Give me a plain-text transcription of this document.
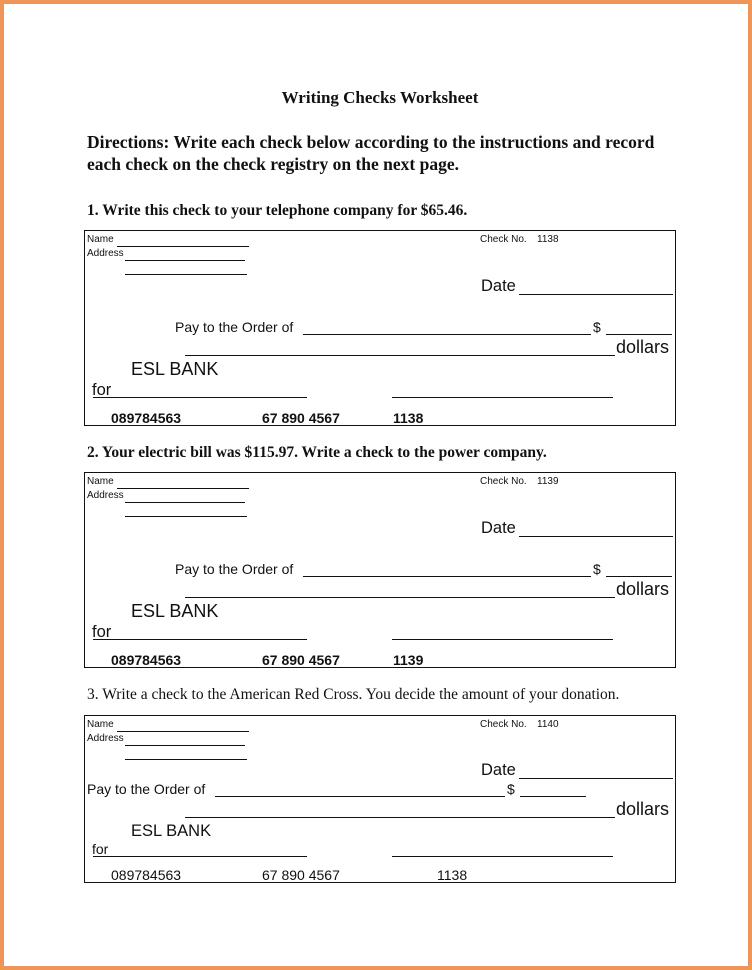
Writing Checks Worksheet
Directions: Write each check below according to the instructions and record each check on the check registry on the next page.
1. Write this check to your telephone company for $65.46.
Name
Address
Check No. 1138
Date
Pay to the Order of	$
dollars
ESL BANK
for
089784563	67 890 4567	1138
2. Your electric bill was $115.97. Write a check to the power company.
Name
Address
Check No. 1139
Date
Pay to the Order of	$
dollars
ESL BANK
for
089784563	67 890 4567	1139
3. Write a check to the American Red Cross. You decide the amount of your donation.
Name
Address
Check No. 1140
Date
Pay to the Order of	$
dollars
ESL BANK
for
089784563	67 890 4567	1138
